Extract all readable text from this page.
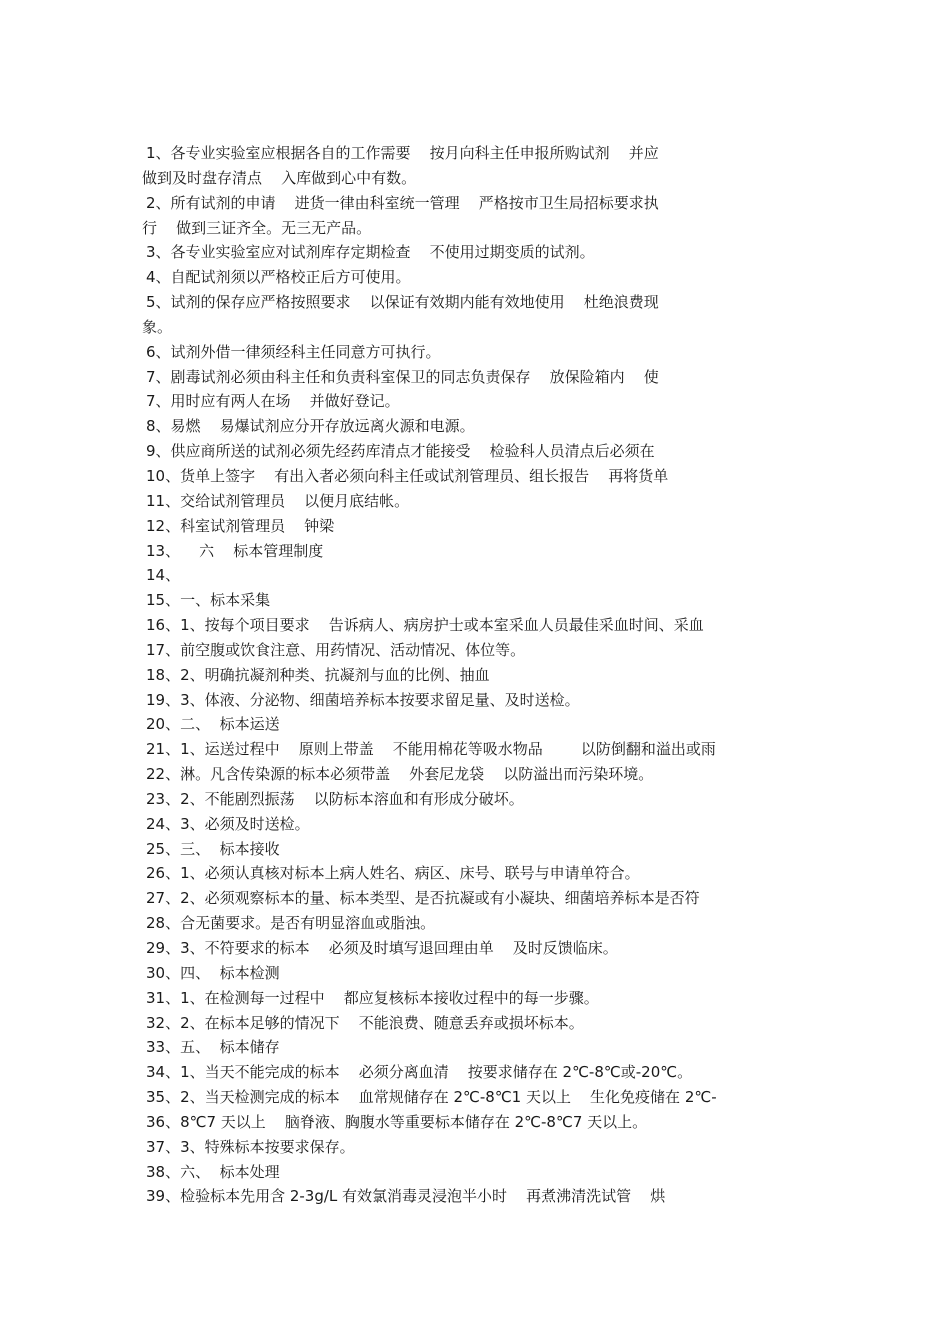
1、各专业实验室应根据各自的工作需要    按月向科主任申报所购试剂    并应
做到及时盘存清点    入库做到心中有数。
2、所有试剂的申请    进货一律由科室统一管理    严格按市卫生局招标要求执
行    做到三证齐全。无三无产品。
3、各专业实验室应对试剂库存定期检查    不使用过期变质的试剂。
4、自配试剂须以严格校正后方可使用。
5、试剂的保存应严格按照要求    以保证有效期内能有效地使用    杜绝浪费现
象。
6、试剂外借一律须经科主任同意方可执行。
7、剧毒试剂必须由科主任和负责科室保卫的同志负责保存    放保险箱内    使
7、用时应有两人在场    并做好登记。
8、易燃    易爆试剂应分开存放远离火源和电源。
9、供应商所送的试剂必须先经药库清点才能接受    检验科人员清点后必须在
10、货单上签字    有出入者必须向科主任或试剂管理员、组长报告    再将货单
11、交给试剂管理员    以便月底结帐。
12、科室试剂管理员    钟梁
13、    六    标本管理制度
14、
15、一、标本采集
16、1、按每个项目要求    告诉病人、病房护士或本室采血人员最佳采血时间、采血
17、前空腹或饮食注意、用药情况、活动情况、体位等。
18、2、明确抗凝剂种类、抗凝剂与血的比例、抽血
19、3、体液、分泌物、细菌培养标本按要求留足量、及时送检。
20、二、  标本运送
21、1、运送过程中    原则上带盖    不能用棉花等吸水物品        以防倒翻和溢出或雨
22、淋。凡含传染源的标本必须带盖    外套尼龙袋    以防溢出而污染环境。
23、2、不能剧烈振荡    以防标本溶血和有形成分破坏。
24、3、必须及时送检。
25、三、  标本接收
26、1、必须认真核对标本上病人姓名、病区、床号、联号与申请单符合。
27、2、必须观察标本的量、标本类型、是否抗凝或有小凝块、细菌培养标本是否符
28、合无菌要求。是否有明显溶血或脂浊。
29、3、不符要求的标本    必须及时填写退回理由单    及时反馈临床。
30、四、  标本检测
31、1、在检测每一过程中    都应复核标本接收过程中的每一步骤。
32、2、在标本足够的情况下    不能浪费、随意丢弃或损坏标本。
33、五、  标本储存
34、1、当天不能完成的标本    必须分离血清    按要求储存在 2℃-8℃或-20℃。
35、2、当天检测完成的标本    血常规储存在 2℃-8℃1 天以上    生化免疫储在 2℃-
36、8℃7 天以上    脑脊液、胸腹水等重要标本储存在 2℃-8℃7 天以上。
37、3、特殊标本按要求保存。
38、六、  标本处理
39、检验标本先用含 2-3g/L 有效氯消毒灵浸泡半小时    再煮沸清洗试管    烘
